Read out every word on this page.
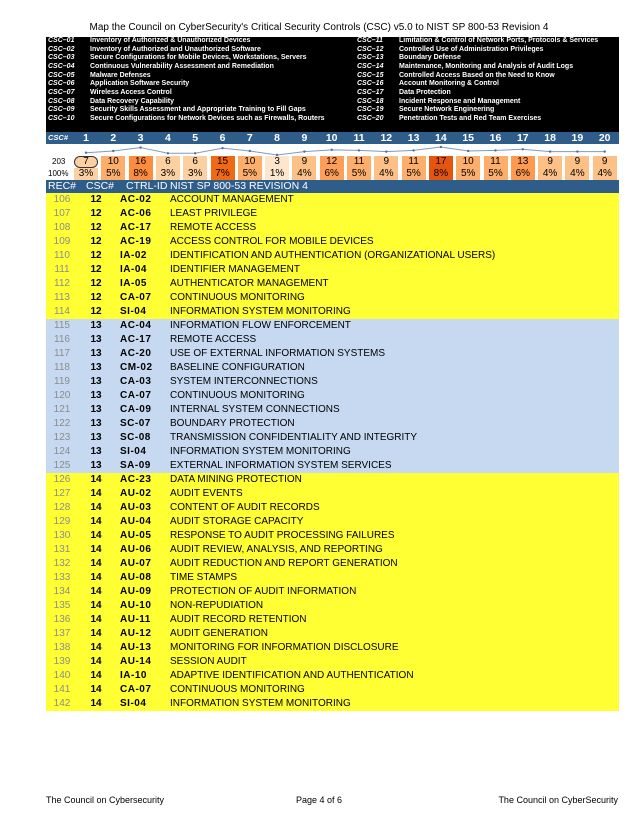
Map the Council on CyberSecurity's Critical Security Controls (CSC) v5.0 to NIST SP 800-53 Revision 4
CSC–01	Inventory of Authorized & Unauthorized Devices
CSC–02	Inventory of Authorized and Unauthorized Software
CSC–03	Secure Configurations for Mobile Devices, Workstations, Servers
CSC–04	Continuous Vulnerability Assessment and Remediation
CSC–05	Malware Defenses
CSC–06	Application Software Security
CSC–07	Wireless Access Control
CSC–08	Data Recovery Capability
CSC–09	Security Skills Assessment and Appropriate Training to Fill Gaps
CSC–10	Secure Configurations for Network Devices such as Firewalls, Routers
CSC–11	Limitation & Control of Network Ports, Protocols & Services
CSC–12	Controlled Use of Administration Privileges
CSC–13	Boundary Defense
CSC–14	Maintenance, Monitoring and Analysis of Audit Logs
CSC–15	Controlled Access Based on the Need to Know
CSC–16	Account Monitoring & Control
CSC–17	Data Protection
CSC–18	Incident Response and Management
CSC–19	Secure Network Engineering
CSC–20	Penetration Tests and Red Team Exercises
CSC#	1	2	3	4	5	6	7	8	9	10	11	12	13	14	15	16	17	18	19	20
203	7	10	16	6	6	15	10	3	9	12	11	9	11	17	10	11	13	9	9	9
100%	3%	5%	8%	3%	3%	7%	5%	1%	4%	6%	5%	4%	5%	8%	5%	5%	6%	4%	4%	4%
REC# CSC# CTRL-ID NIST SP 800-53 REVISION 4
106	12	AC-02 ACCOUNT MANAGEMENT
107	12	AC-06 LEAST PRIVILEGE
108	12	AC-17 REMOTE ACCESS
109	12	AC-19 ACCESS CONTROL FOR MOBILE DEVICES
110	12	IA-02 IDENTIFICATION AND AUTHENTICATION (ORGANIZATIONAL USERS)
111	12	IA-04 IDENTIFIER MANAGEMENT
112	12	IA-05 AUTHENTICATOR MANAGEMENT
113	12	CA-07 CONTINUOUS MONITORING
114	12	SI-04 INFORMATION SYSTEM MONITORING
115	13	AC-04 INFORMATION FLOW ENFORCEMENT
116	13	AC-17 REMOTE ACCESS
117	13	AC-20 USE OF EXTERNAL INFORMATION SYSTEMS
118	13	CM-02 BASELINE CONFIGURATION
119	13	CA-03 SYSTEM INTERCONNECTIONS
120	13	CA-07 CONTINUOUS MONITORING
121	13	CA-09 INTERNAL SYSTEM CONNECTIONS
122	13	SC-07 BOUNDARY PROTECTION
123	13	SC-08 TRANSMISSION CONFIDENTIALITY AND INTEGRITY
124	13	SI-04 INFORMATION SYSTEM MONITORING
125	13	SA-09 EXTERNAL INFORMATION SYSTEM SERVICES
126	14	AC-23 DATA MINING PROTECTION
127	14	AU-02 AUDIT EVENTS
128	14	AU-03 CONTENT OF AUDIT RECORDS
129	14	AU-04 AUDIT STORAGE CAPACITY
130	14	AU-05 RESPONSE TO AUDIT PROCESSING FAILURES
131	14	AU-06 AUDIT REVIEW, ANALYSIS, AND REPORTING
132	14	AU-07 AUDIT REDUCTION AND REPORT GENERATION
133	14	AU-08 TIME STAMPS
134	14	AU-09 PROTECTION OF AUDIT INFORMATION
135	14	AU-10 NON-REPUDIATION
136	14	AU-11 AUDIT RECORD RETENTION
137	14	AU-12 AUDIT GENERATION
138	14	AU-13 MONITORING FOR INFORMATION DISCLOSURE
139	14	AU-14 SESSION AUDIT
140	14	IA-10 ADAPTIVE IDENTIFICATION AND AUTHENTICATION
141	14	CA-07 CONTINUOUS MONITORING
142	14	SI-04 INFORMATION SYSTEM MONITORING
The Council on Cybersecurity	Page 4 of 6	The Council on CyberSecurity
